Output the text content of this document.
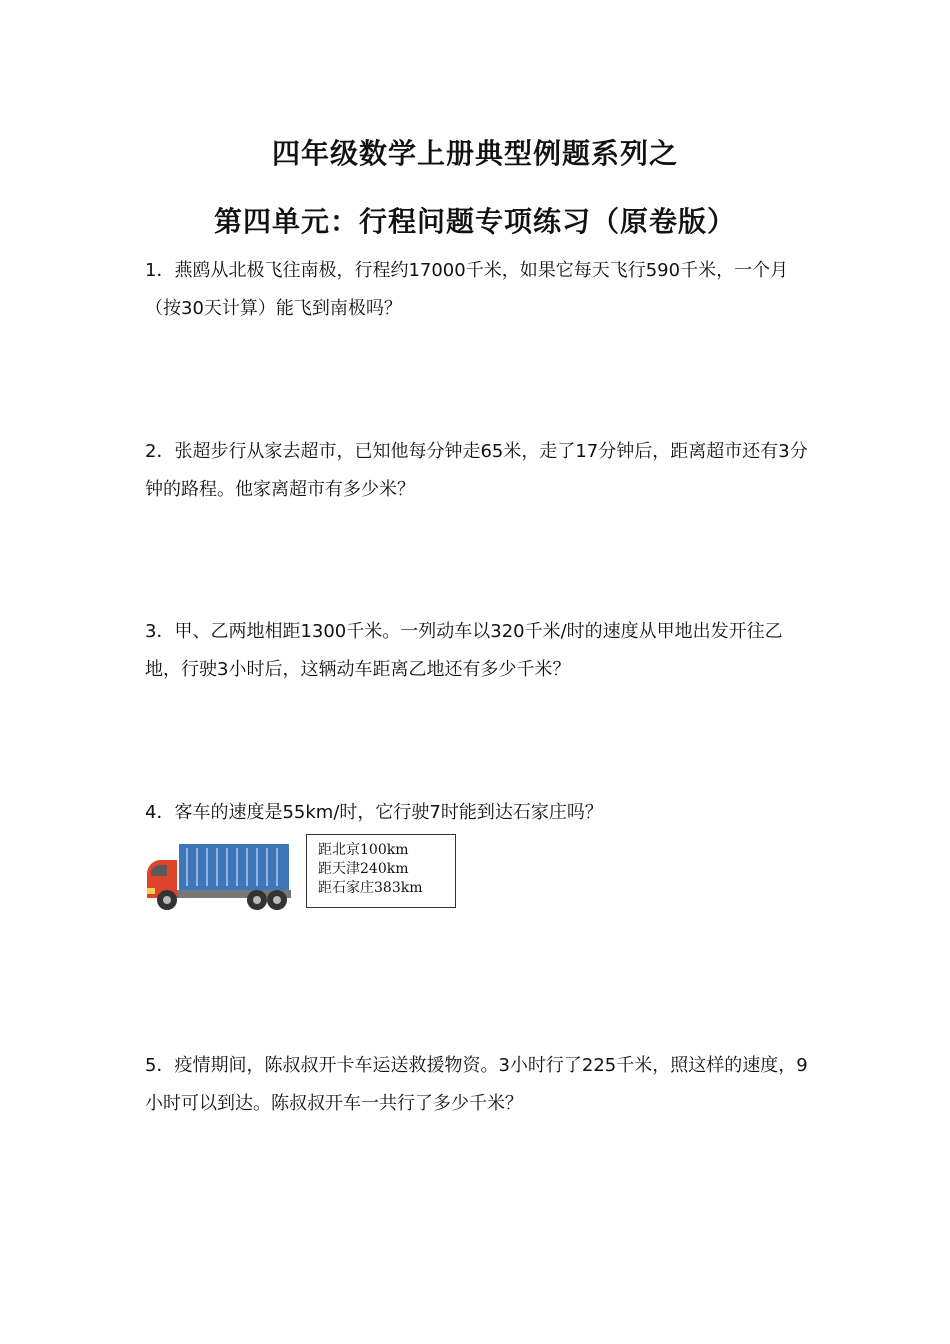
四年级数学上册典型例题系列之
第四单元：行程问题专项练习（原卷版）
1．燕鸥从北极飞往南极，行程约17000千米，如果它每天飞行590千米，一个月（按30天计算）能飞到南极吗？
2．张超步行从家去超市，已知他每分钟走65米，走了17分钟后，距离超市还有3分钟的路程。他家离超市有多少米？
3．甲、乙两地相距1300千米。一列动车以320千米/时的速度从甲地出发开往乙地，行驶3小时后，这辆动车距离乙地还有多少千米？
4．客车的速度是55km/时，它行驶7时能到达石家庄吗？
距北京100km
距天津240km
距石家庄383km
5．疫情期间，陈叔叔开卡车运送救援物资。3小时行了225千米，照这样的速度，9小时可以到达。陈叔叔开车一共行了多少千米？
